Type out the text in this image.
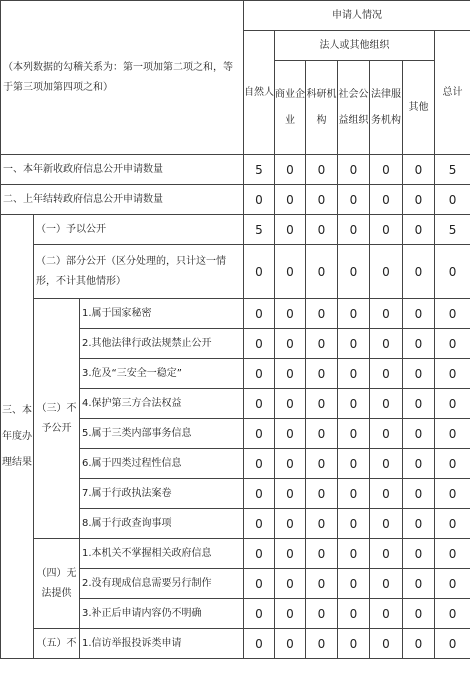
（本列数据的勾稽关系为：第一项加第二项之和，等于第三项加第四项之和）			申请人情况						
			自然人	法人或其他组织					总计
				商业企业	科研机构	社会公益组织	法律服务机构	其他	
一、本年新收政府信息公开申请数量			5	0	0	0	0	0	5
二、上年结转政府信息公开申请数量			0	0	0	0	0	0	0
三、本年度办理结果	（一）予以公开		5	0	0	0	0	0	5
	（二）部分公开（区分处理的，只计这一情形，不计其他情形）		0	0	0	0	0	0	0
	（三）不予公开	1.属于国家秘密	0	0	0	0	0	0	0
		2.其他法律行政法规禁止公开	0	0	0	0	0	0	0
		3.危及“三安全一稳定”	0	0	0	0	0	0	0
		4.保护第三方合法权益	0	0	0	0	0	0	0
		5.属于三类内部事务信息	0	0	0	0	0	0	0
		6.属于四类过程性信息	0	0	0	0	0	0	0
		7.属于行政执法案卷	0	0	0	0	0	0	0
		8.属于行政查询事项	0	0	0	0	0	0	0
	（四）无法提供	1.本机关不掌握相关政府信息	0	0	0	0	0	0	0
		2.没有现成信息需要另行制作	0	0	0	0	0	0	0
		3.补正后申请内容仍不明确	0	0	0	0	0	0	0
	（五）不	1.信访举报投诉类申请	0	0	0	0	0	0	0
